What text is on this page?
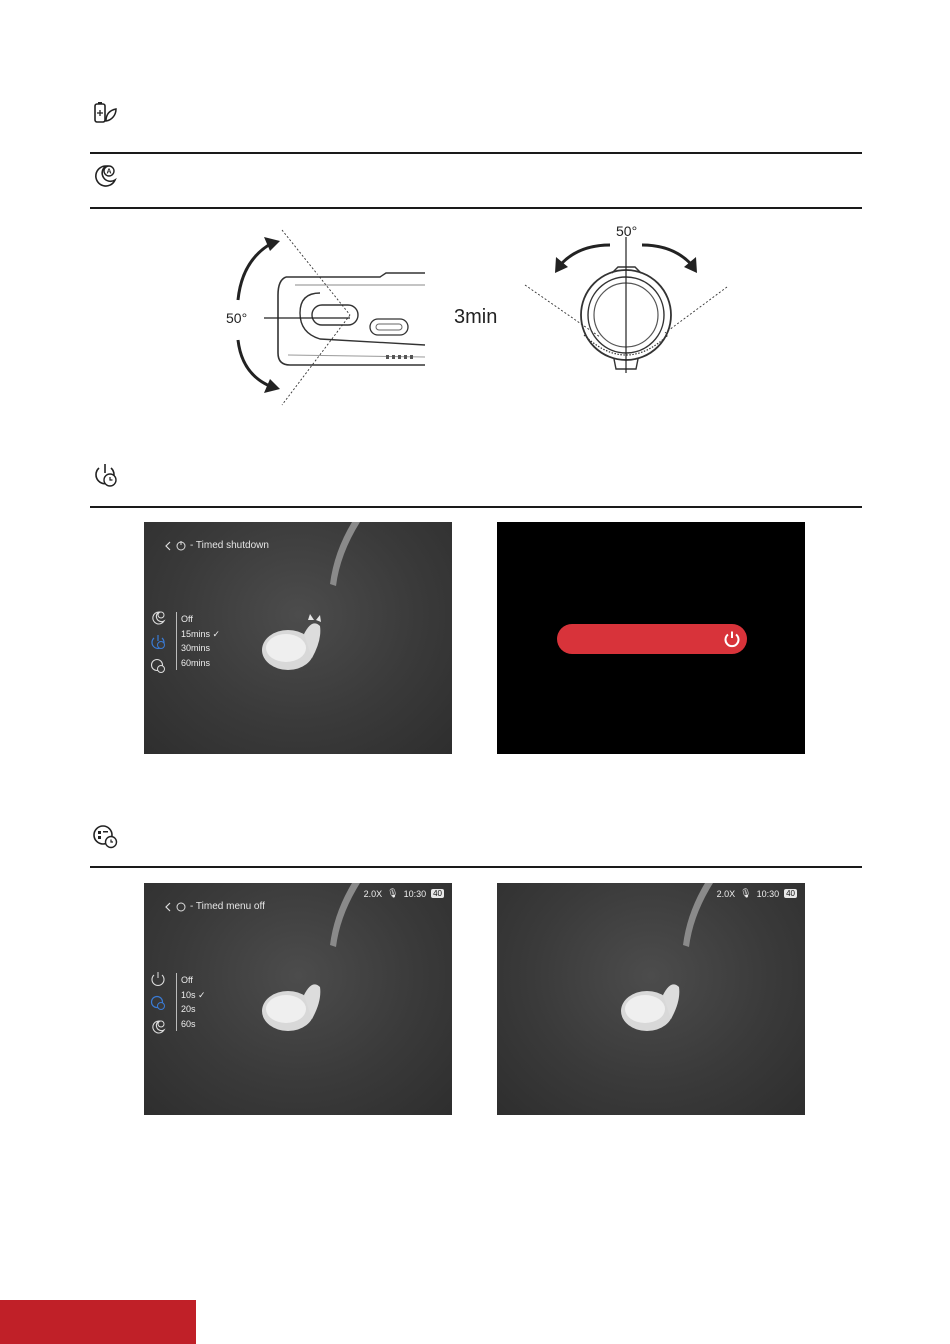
A
50°	3min
50°
- Timed shutdown
Off
15mins ✓
30mins
60mins
2.0X 🎙 10:30 40
- Timed menu off
Off
10s ✓
20s
60s
2.0X 🎙 10:30 40
